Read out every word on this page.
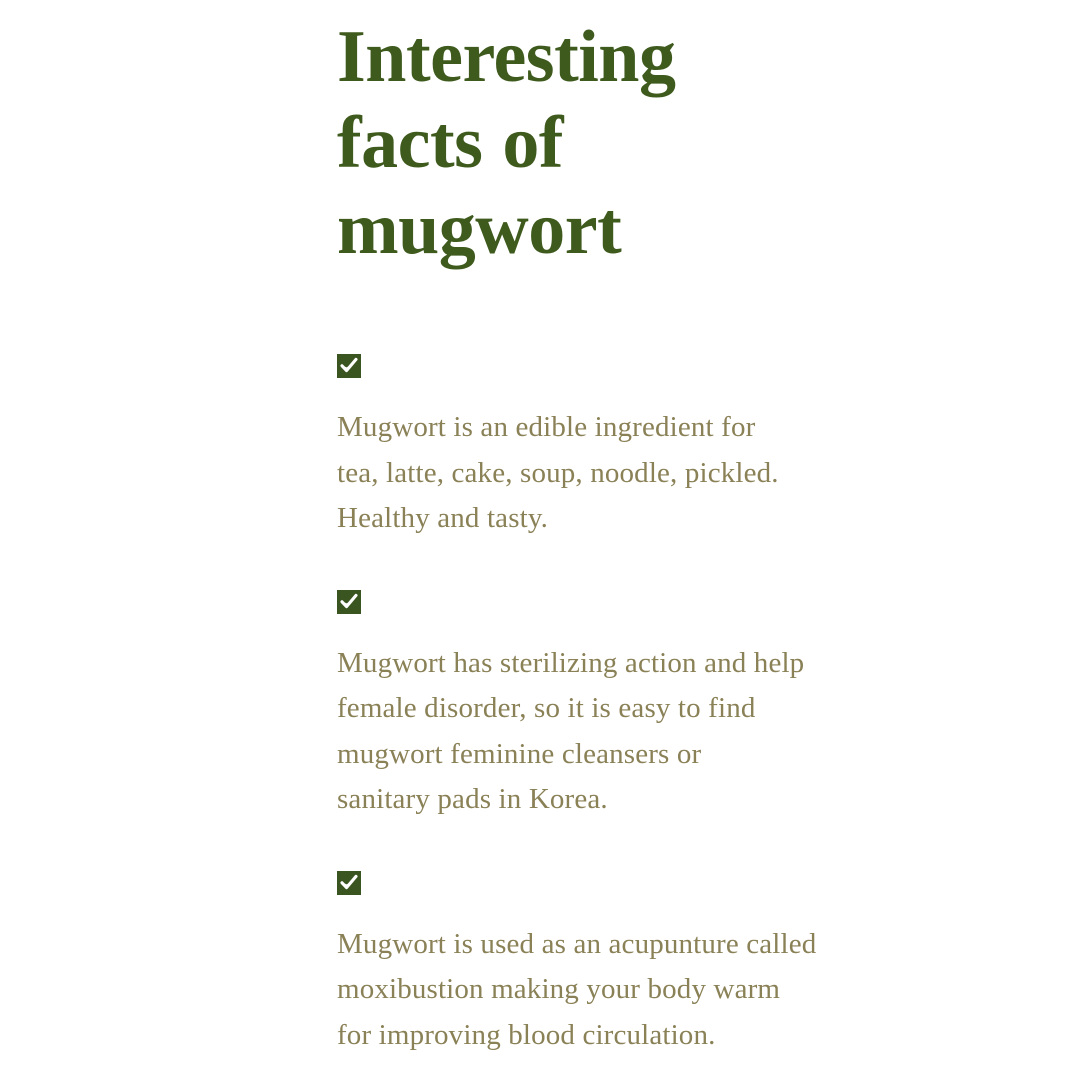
Interesting
facts of
mugwort

Mugwort is an edible ingredient for
tea, latte, cake, soup, noodle, pickled.
Healthy and tasty.

Mugwort has sterilizing action and help
female disorder, so it is easy to find
mugwort feminine cleansers or
sanitary pads in Korea.

Mugwort is used as an acupunture called
moxibustion making your body warm
for improving blood circulation.
